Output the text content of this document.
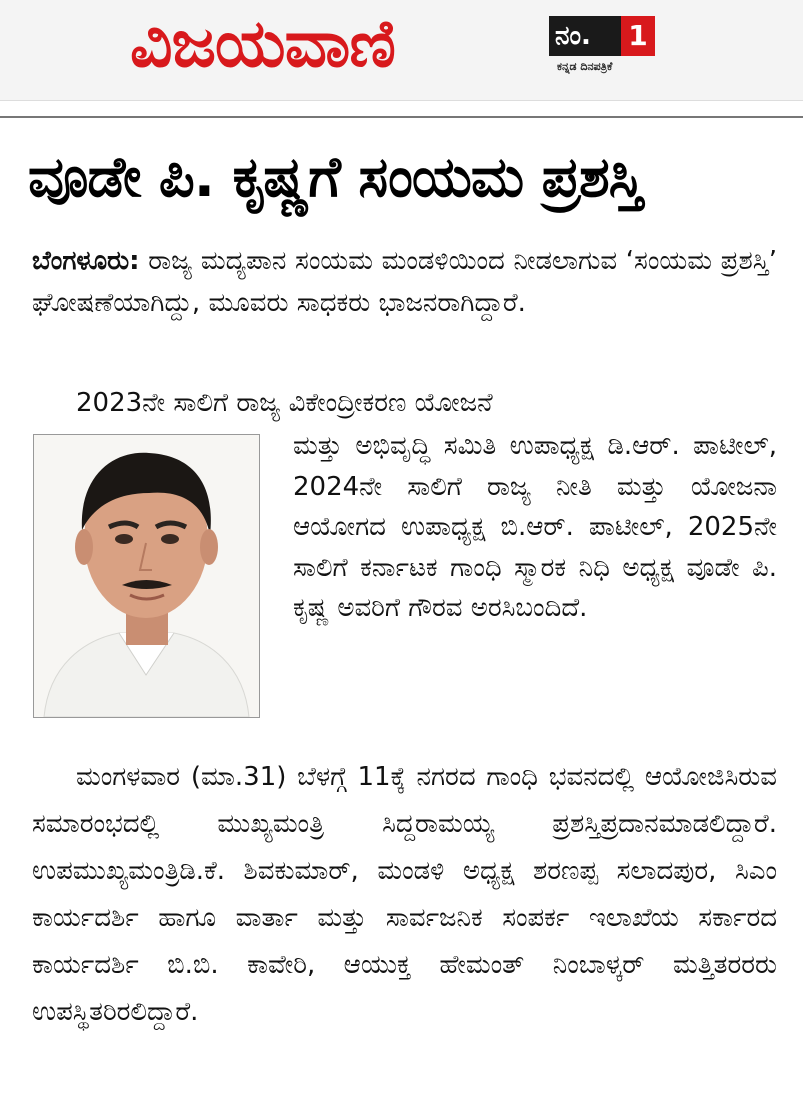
ವಿಜಯವಾಣಿ	ನಂ. 1
ಕನ್ನಡ ದಿನಪತ್ರಿಕೆ
ವೂಡೇ ಪಿ. ಕೃಷ್ಣಗೆ ಸಂಯಮ ಪ್ರಶಸ್ತಿ
ಬೆಂಗಳೂರು: ರಾಜ್ಯ ಮದ್ಯಪಾನ ಸಂಯಮ ಮಂಡಳಿಯಿಂದ ನೀಡಲಾಗುವ ‘ಸಂಯಮ ಪ್ರಶಸ್ತಿ’ ಘೋಷಣೆಯಾಗಿದ್ದು, ಮೂವರು ಸಾಧಕರು ಭಾಜನರಾಗಿದ್ದಾರೆ.
2023ನೇ ಸಾಲಿಗೆ ರಾಜ್ಯ ವಿಕೇಂದ್ರೀಕರಣ ಯೋಜನೆ
ಮತ್ತು ಅಭಿವೃದ್ಧಿ ಸಮಿತಿ ಉಪಾಧ್ಯಕ್ಷ ಡಿ.ಆರ್. ಪಾಟೀಲ್, 2024ನೇ ಸಾಲಿಗೆ ರಾಜ್ಯ ನೀತಿ ಮತ್ತು ಯೋಜನಾ ಆಯೋಗದ ಉಪಾಧ್ಯಕ್ಷ ಬಿ.ಆರ್. ಪಾಟೀಲ್, 2025ನೇ ಸಾಲಿಗೆ ಕರ್ನಾಟಕ ಗಾಂಧಿ ಸ್ಮಾರಕ ನಿಧಿ ಅಧ್ಯಕ್ಷ ವೂಡೇ ಪಿ. ಕೃಷ್ಣ ಅವರಿಗೆ ಗೌರವ ಅರಸಿಬಂದಿದೆ.
ಮಂಗಳವಾರ (ಮಾ.31) ಬೆಳಗ್ಗೆ 11ಕ್ಕೆ ನಗರದ ಗಾಂಧಿ ಭವನದಲ್ಲಿ ಆಯೋಜಿಸಿರುವ ಸಮಾರಂಭದಲ್ಲಿ ಮುಖ್ಯಮಂತ್ರಿ ಸಿದ್ದರಾಮಯ್ಯ ಪ್ರಶಸ್ತಿಪ್ರದಾನಮಾಡಲಿದ್ದಾರೆ. ಉಪಮುಖ್ಯಮಂತ್ರಿಡಿ.ಕೆ. ಶಿವಕುಮಾರ್, ಮಂಡಳಿ ಅಧ್ಯಕ್ಷ ಶರಣಪ್ಪ ಸಲಾದಪುರ, ಸಿಎಂ ಕಾರ್ಯದರ್ಶಿ ಹಾಗೂ ವಾರ್ತಾ ಮತ್ತು ಸಾರ್ವಜನಿಕ ಸಂಪರ್ಕ ಇಲಾಖೆಯ ಸರ್ಕಾರದ ಕಾರ್ಯದರ್ಶಿ ಬಿ.ಬಿ. ಕಾವೇರಿ, ಆಯುಕ್ತ ಹೇಮಂತ್ ನಿಂಬಾಳ್ಕರ್ ಮತ್ತಿತರರರು ಉಪಸ್ಥಿತರಿರಲಿದ್ದಾರೆ.
